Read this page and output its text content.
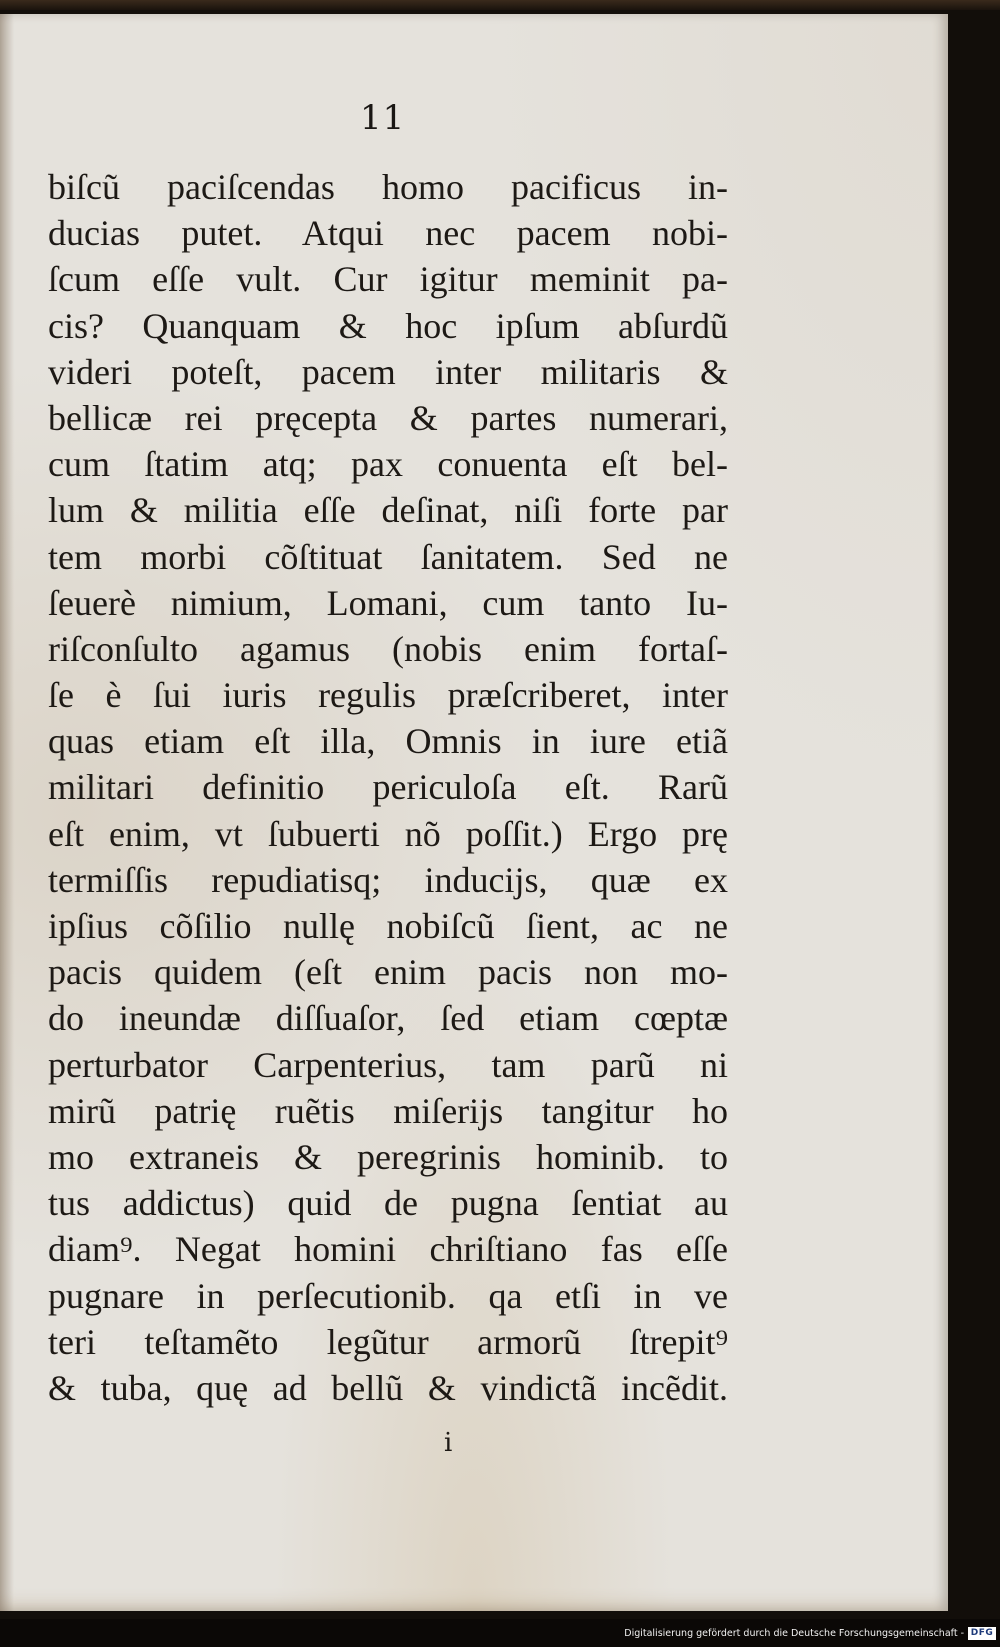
11
biſcũ paciſcendas homo pacificus in-
ducias putet. Atqui nec pacem nobi-
ſcum eſſe vult. Cur igitur meminit pa-
cis? Quanquam & hoc ipſum abſurdũ
videri poteſt, pacem inter militaris &
bellicæ rei pręcepta & partes numerari,
cum ſtatim atq; pax conuenta eſt bel-
lum & militia eſſe deſinat, niſi forte par
tem morbi cõſtituat ſanitatem. Sed ne
ſeuerè nimium, Lomani, cum tanto Iu-
riſconſulto agamus (nobis enim fortaſ-
ſe è ſui iuris regulis præſcriberet, inter
quas etiam eſt illa, Omnis in iure etiã
militari definitio periculoſa eſt. Rarũ
eſt enim, vt ſubuerti nõ poſſit.) Ergo prę
termiſſis repudiatisq; inducijs, quæ ex
ipſius cõſilio nullę nobiſcũ ſient, ac ne
pacis quidem (eſt enim pacis non mo-
do ineundæ diſſuaſor, ſed etiam cœptæ
perturbator Carpenterius, tam parũ ni
mirũ patrię ruẽtis miſerijs tangitur ho
mo extraneis & peregrinis hominib. to
tus addictus) quid de pugna ſentiat au
diam⁹. Negat homini chriſtiano fas eſſe
pugnare in perſecutionib. qa etſi in ve
teri teſtamẽto legũtur armorũ ſtrepit⁹
& tuba, quę ad bellũ & vindictã incẽdit.
i
Digitalisierung gefördert durch die Deutsche Forschungsgemeinschaft - DFG
